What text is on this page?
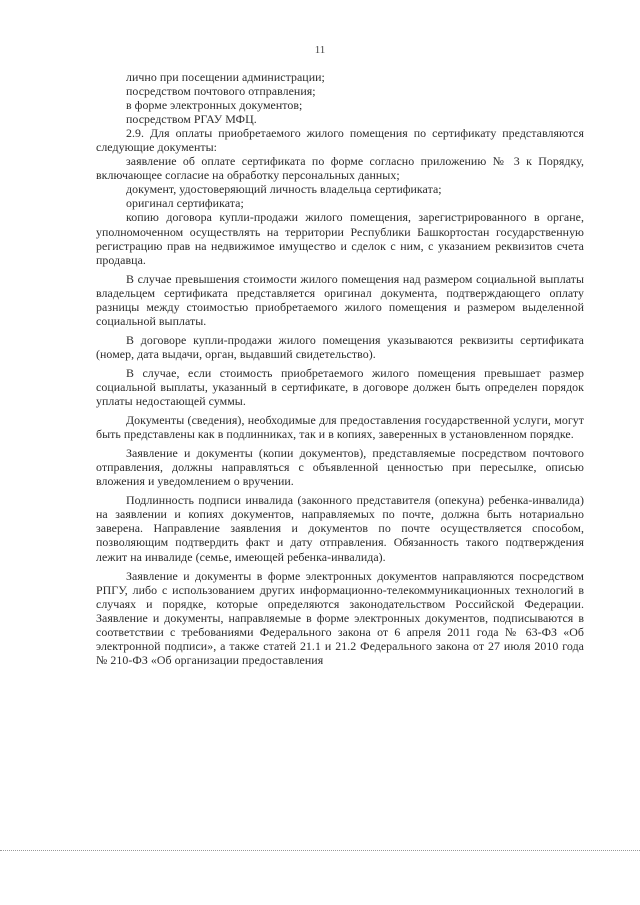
11

лично при посещении администрации;

посредством почтового отправления;

в форме электронных документов;

посредством РГАУ МФЦ.

2.9. Для оплаты приобретаемого жилого помещения по сертификату представляются следующие документы:

заявление об оплате сертификата по форме согласно приложению № 3 к Порядку, включающее согласие на обработку персональных данных;

документ, удостоверяющий личность владельца сертификата;

оригинал сертификата;

копию договора купли-продажи жилого помещения, зарегистрированного в органе, уполномоченном осуществлять на территории Республики Башкортостан государственную регистрацию прав на недвижимое имущество и сделок с ним, с указанием реквизитов счета продавца.

В случае превышения стоимости жилого помещения над размером социальной выплаты владельцем сертификата представляется оригинал документа, подтверждающего оплату разницы между стоимостью приобретаемого жилого помещения и размером выделенной социальной выплаты.

В договоре купли-продажи жилого помещения указываются реквизиты сертификата (номер, дата выдачи, орган, выдавший свидетельство).

В случае, если стоимость приобретаемого жилого помещения превышает размер социальной выплаты, указанный в сертификате, в договоре должен быть определен порядок уплаты недостающей суммы.

Документы (сведения), необходимые для предоставления государственной услуги, могут быть представлены как в подлинниках, так и в копиях, заверенных в установленном порядке.

Заявление и документы (копии документов), представляемые посредством почтового отправления, должны направляться с объявленной ценностью при пересылке, описью вложения и уведомлением о вручении.

Подлинность подписи инвалида (законного представителя (опекуна) ребенка-инвалида) на заявлении и копиях документов, направляемых по почте, должна быть нотариально заверена. Направление заявления и документов по почте осуществляется способом, позволяющим подтвердить факт и дату отправления. Обязанность такого подтверждения лежит на инвалиде (семье, имеющей ребенка-инвалида).

Заявление и документы в форме электронных документов направляются посредством РПГУ, либо с использованием других информационно-телекоммуникационных технологий в случаях и порядке, которые определяются законодательством Российской Федерации. Заявление и документы, направляемые в форме электронных документов, подписываются в соответствии с требованиями Федерального закона от 6 апреля 2011 года № 63-ФЗ «Об электронной подписи», а также статей 21.1 и 21.2 Федерального закона от 27 июля 2010 года № 210-ФЗ «Об организации предоставления
